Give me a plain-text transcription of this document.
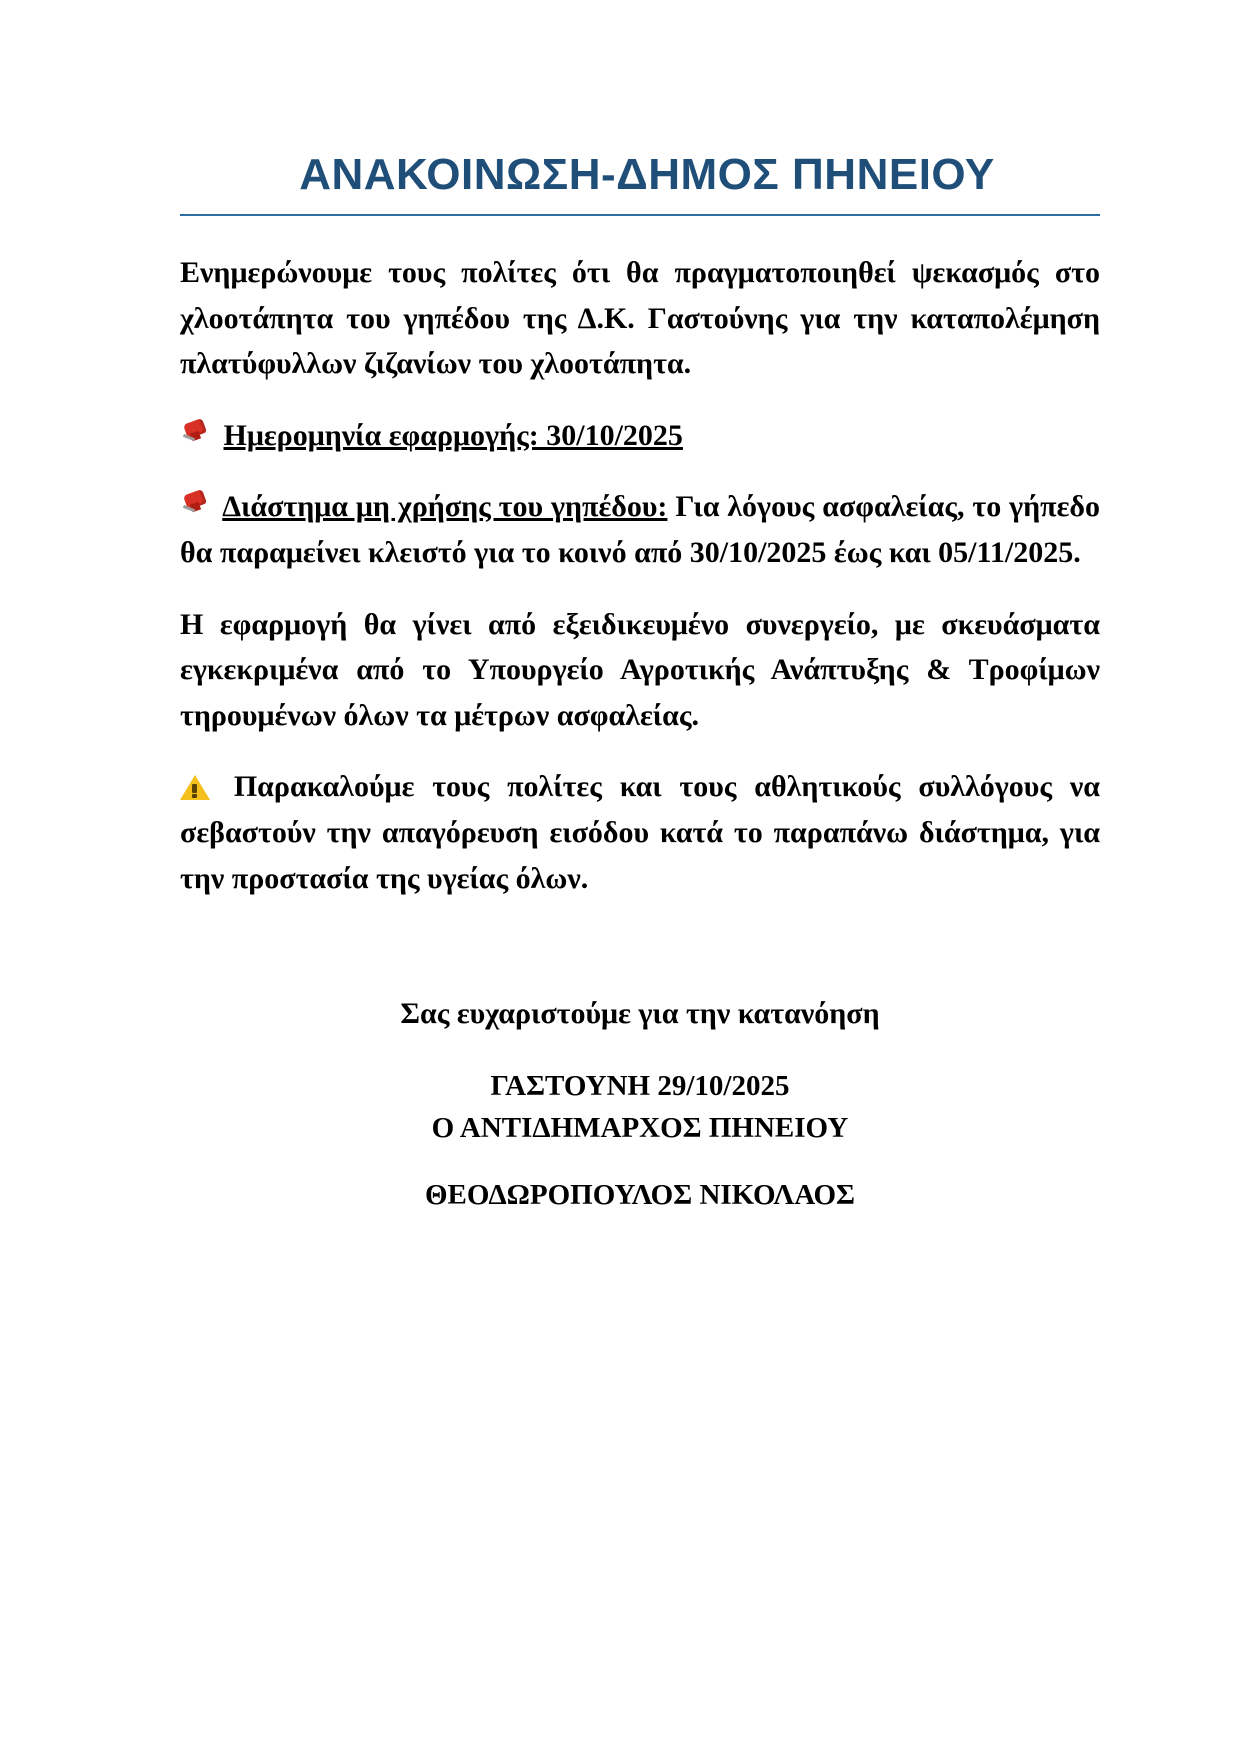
ΑΝΑΚΟΙΝΩΣΗ-ΔΗΜΟΣ ΠΗΝΕΙΟΥ

Ενημερώνουμε τους πολίτες ότι θα πραγματοποιηθεί ψεκασμός στο χλοοτάπητα του γηπέδου της Δ.Κ. Γαστούνης για την καταπολέμηση πλατύφυλλων ζιζανίων του χλοοτάπητα.

Ημερομηνία εφαρμογής: 30/10/2025

Διάστημα μη χρήσης του γηπέδου: Για λόγους ασφαλείας, το γήπεδο θα παραμείνει κλειστό για το κοινό από 30/10/2025 έως και 05/11/2025.

Η εφαρμογή θα γίνει από εξειδικευμένο συνεργείο, με σκευάσματα εγκεκριμένα από το Υπουργείο Αγροτικής Ανάπτυξης & Τροφίμων τηρουμένων όλων τα μέτρων ασφαλείας.

Παρακαλούμε τους πολίτες και τους αθλητικούς συλλόγους να σεβαστούν την απαγόρευση εισόδου κατά το παραπάνω διάστημα, για την προστασία της υγείας όλων.

Σας ευχαριστούμε για την κατανόηση

ΓΑΣΤΟΥΝΗ 29/10/2025
Ο ΑΝΤΙΔΗΜΑΡΧΟΣ ΠΗΝΕΙΟΥ
ΘΕΟΔΩΡΟΠΟΥΛΟΣ ΝΙΚΟΛΑΟΣ
